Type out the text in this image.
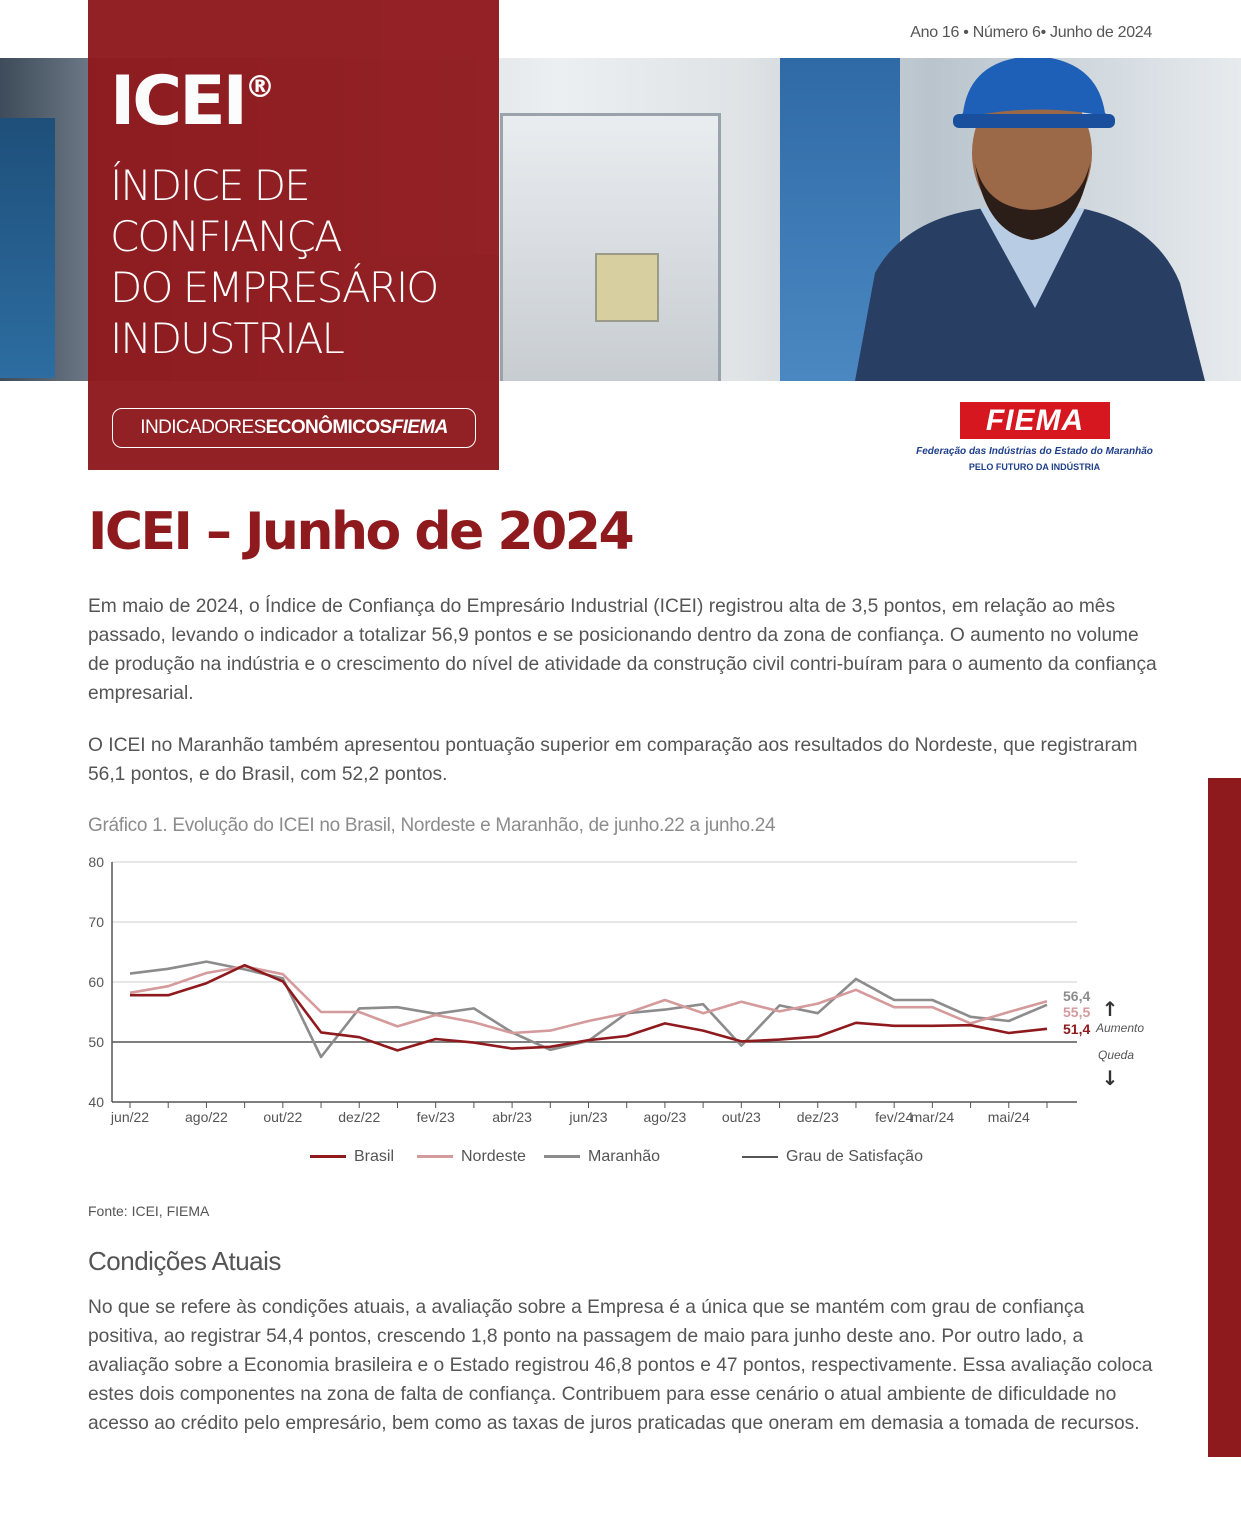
ICEI®
ÍNDICE DE
CONFIANÇA
DO EMPRESÁRIO
INDUSTRIAL
INDICADORESECONÔMICOSFIEMA
Ano 16 • Número 6• Junho de 2024
FIEMA
Federação das Indústrias do Estado do Maranhão
PELO FUTURO DA INDÚSTRIA
ICEI – Junho de 2024

Em maio de 2024, o Índice de Confiança do Empresário Industrial (ICEI) registrou alta de 3,5 pontos, em relação ao mês passado, levando o indicador a totalizar 56,9 pontos e se posicionando dentro da zona de confiança. O aumento no volume de produção na indústria e o crescimento do nível de atividade da construção civil contri-buíram para o aumento da confiança empresarial.

O ICEI no Maranhão também apresentou pontuação superior em comparação aos resultados do Nordeste, que registraram 56,1 pontos, e do Brasil, com 52,2 pontos.

Gráfico 1. Evolução do ICEI no Brasil, Nordeste e Maranhão, de junho.22 a junho.24
40
50
60
70
80
jun/22	ago/22	out/22	dez/22	fev/23	abr/23	jun/23	ago/23	out/23	dez/23	fev/24
mar/24 mai/24
51,4
55,5
56,4
↑
Aumento
Queda
↓
Brasil	Nordeste	Maranhão	Grau de Satisfação
Fonte: ICEI, FIEMA
Condições Atuais

No que se refere às condições atuais, a avaliação sobre a Empresa é a única que se mantém com grau de confiança positiva, ao registrar 54,4 pontos, crescendo 1,8 ponto na passagem de maio para junho deste ano. Por outro lado, a avaliação sobre a Economia brasileira e o Estado registrou 46,8 pontos e 47 pontos, respectivamente. Essa avaliação coloca estes dois componentes na zona de falta de confiança. Contribuem para esse cenário o atual ambiente de dificuldade no acesso ao crédito pelo empresário, bem como as taxas de juros praticadas que oneram em demasia a tomada de recursos.
